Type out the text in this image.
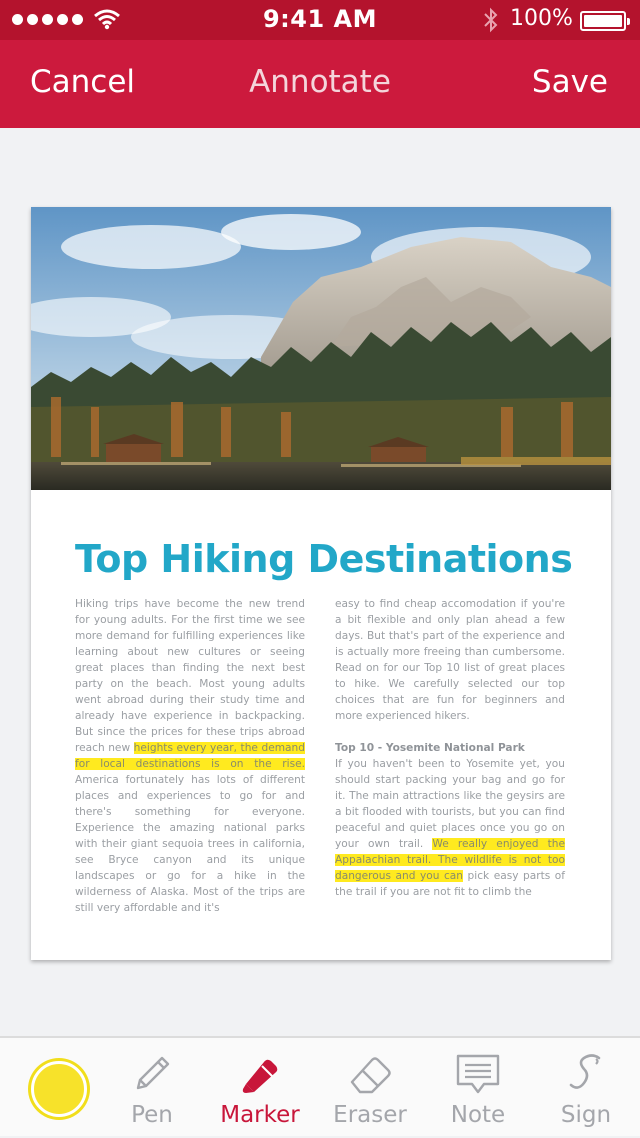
9:41 AM	100%
Cancel	Annotate	Save
Top Hiking Destinations
Hiking trips have become the new trend for young adults. For the first time we see more demand for fulfilling experiences like learning about new cultures or seeing great places than finding the next best party on the beach. Most young adults went abroad during their study time and already have experience in backpacking. But since the prices for these trips abroad reach new heights every year, the demand for local destinations is on the rise. America fortunately has lots of different places and experiences to go for and there's something for everyone. Experience the amazing national parks with their giant sequoia trees in california, see Bryce canyon and its unique landscapes or go for a hike in the wilderness of Alaska. Most of the trips are still very affordable and it's
easy to find cheap accomodation if you're a bit flexible and only plan ahead a few days. But that's part of the experience and is actually more freeing than cumbersome. Read on for our Top 10 list of great places to hike. We carefully selected our top choices that are fun for beginners and more experienced hikers.
Top 10 - Yosemite National Park
If you haven't been to Yosemite yet, you should start packing your bag and go for it. The main attractions like the geysirs are a bit flooded with tourists, but you can find peaceful and quiet places once you go on your own trail. We really enjoyed the Appalachian trail. The wildlife is not too dangerous and you can pick easy parts of the trail if you are not fit to climb the
Pen	Marker Eraser	Note	Sign
